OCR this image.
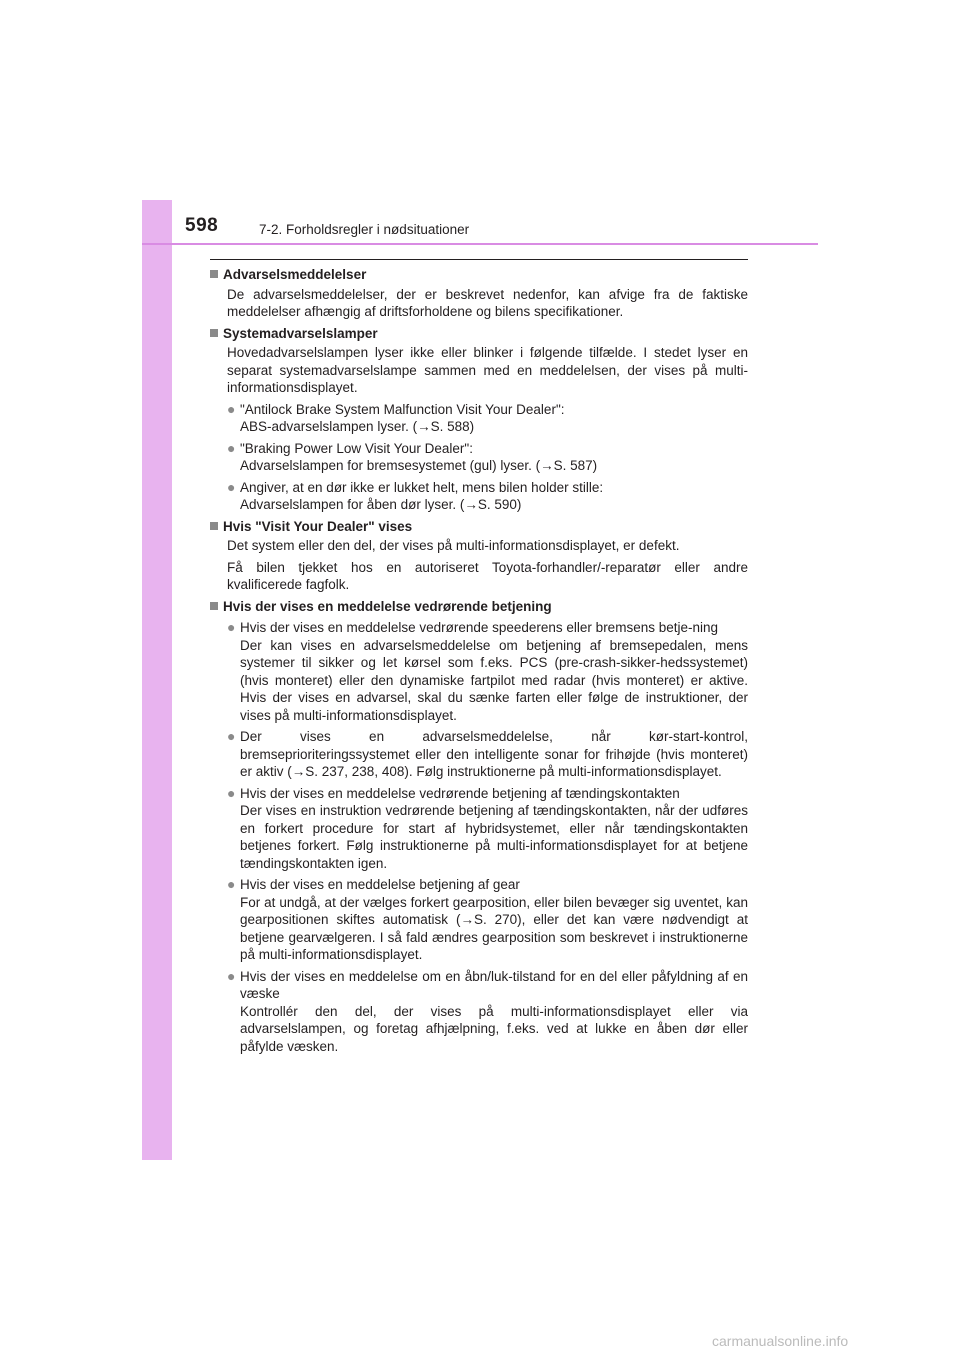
598	7-2. Forholdsregler i nødsituationer
Advarselsmeddelelser
De advarselsmeddelelser, der er beskrevet nedenfor, kan afvige fra de faktiske meddelelser afhængig af driftsforholdene og bilens specifikationer.
Systemadvarselslamper
Hovedadvarselslampen lyser ikke eller blinker i følgende tilfælde. I stedet lyser en separat systemadvarselslampe sammen med en meddelelsen, der vises på multi-informationsdisplayet.
● "Antilock Brake System Malfunction Visit Your Dealer":
ABS-advarselslampen lyser. (→S. 588)
● "Braking Power Low Visit Your Dealer":
Advarselslampen for bremsesystemet (gul) lyser. (→S. 587)
● Angiver, at en dør ikke er lukket helt, mens bilen holder stille:
Advarselslampen for åben dør lyser. (→S. 590)
Hvis "Visit Your Dealer" vises
Det system eller den del, der vises på multi-informationsdisplayet, er defekt.
Få bilen tjekket hos en autoriseret Toyota-forhandler/-reparatør eller andre kvalificerede fagfolk.
Hvis der vises en meddelelse vedrørende betjening
● Hvis der vises en meddelelse vedrørende speederens eller bremsens betje-ning
Der kan vises en advarselsmeddelelse om betjening af bremsepedalen, mens systemer til sikker og let kørsel som f.eks. PCS (pre-crash-sikker-hedssystemet) (hvis monteret) eller den dynamiske fartpilot med radar (hvis monteret) er aktive. Hvis der vises en advarsel, skal du sænke farten eller følge de instruktioner, der vises på multi-informationsdisplayet.
● Der vises en advarselsmeddelelse, når kør-start-kontrol, bremseprioriteringssystemet eller den intelligente sonar for frihøjde (hvis monteret) er aktiv (→S. 237, 238, 408). Følg instruktionerne på multi-informationsdisplayet.
● Hvis der vises en meddelelse vedrørende betjening af tændingskontakten
Der vises en instruktion vedrørende betjening af tændingskontakten, når der udføres en forkert procedure for start af hybridsystemet, eller når tændingskontakten betjenes forkert. Følg instruktionerne på multi-informationsdisplayet for at betjene tændingskontakten igen.
● Hvis der vises en meddelelse betjening af gear
For at undgå, at der vælges forkert gearposition, eller bilen bevæger sig uventet, kan gearpositionen skiftes automatisk (→S. 270), eller det kan være nødvendigt at betjene gearvælgeren. I så fald ændres gearposition som beskrevet i instruktionerne på multi-informationsdisplayet.
● Hvis der vises en meddelelse om en åbn/luk-tilstand for en del eller påfyldning af en væske
Kontrollér den del, der vises på multi-informationsdisplayet eller via advarselslampen, og foretag afhjælpning, f.eks. ved at lukke en åben dør eller påfylde væsken.
carmanualsonline.info
